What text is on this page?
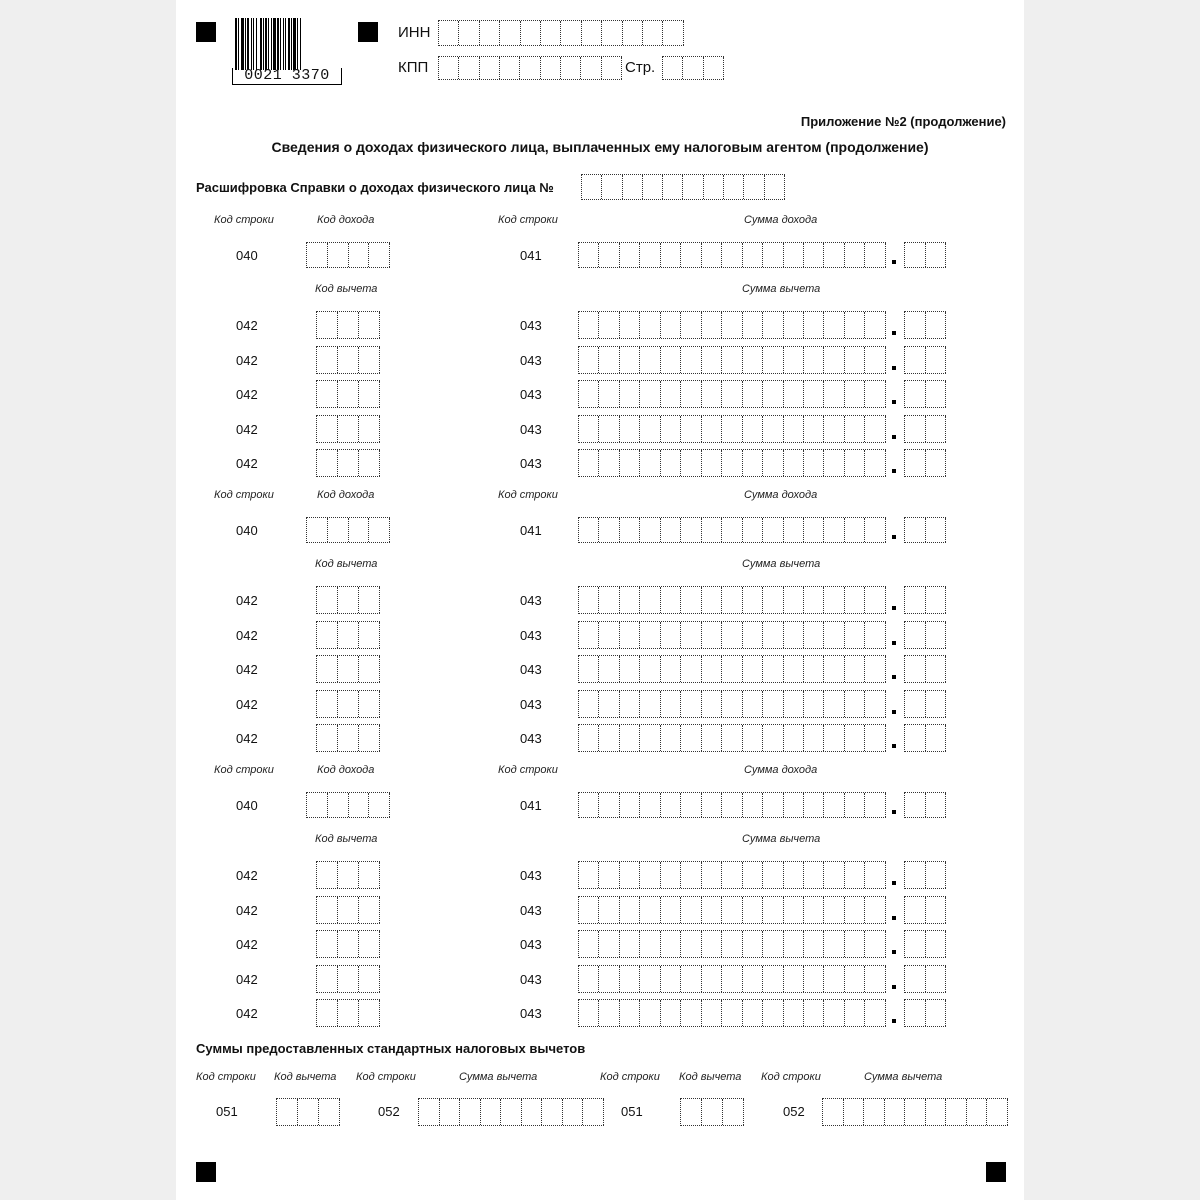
0021 3370
ИНН
КПП	Стр.
Приложение №2 (продолжение)
Сведения о доходах физического лица, выплаченных ему налоговым агентом (продолжение)
Расшифровка Справки о доходах физического лица №
Код строки	Код дохода	Код строки	Сумма дохода
040	041
Код вычета	Сумма вычета
042	043
042	043
042	043
042	043
042	043
Код строки	Код дохода	Код строки	Сумма дохода
040	041
Код вычета	Сумма вычета
042	043
042	043
042	043
042	043
042	043
Код строки	Код дохода	Код строки	Сумма дохода
040	041
Код вычета	Сумма вычета
042	043
042	043
042	043
042	043
042	043
Суммы предоставленных стандартных налоговых вычетов
Код строки Код вычета Код строки	Сумма вычета	Код строки Код вычета Код строки	Сумма вычета
051	052	051	052
